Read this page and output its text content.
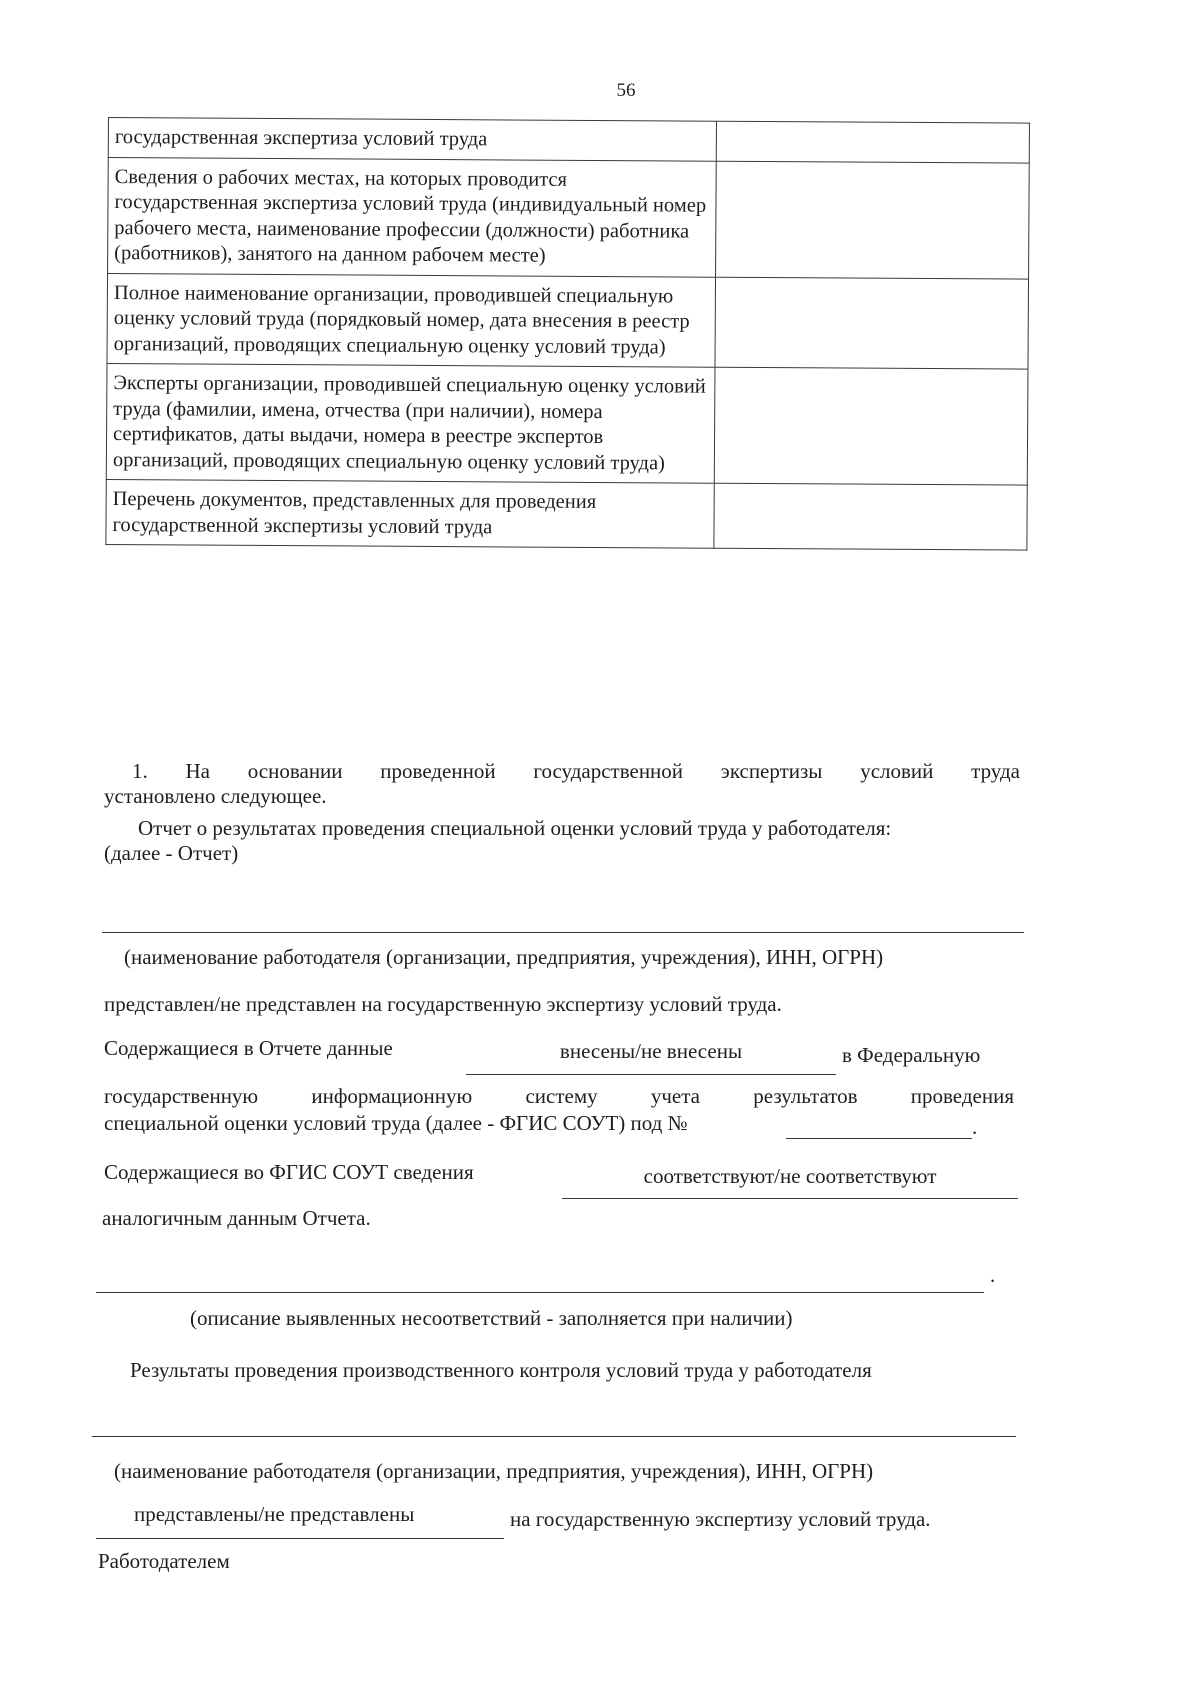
56
государственная экспертиза условий труда	
Сведения о рабочих местах, на которых проводится государственная экспертиза условий труда (индивидуальный номер рабочего места, наименование профессии (должности) работника (работников), занятого на данном рабочем месте)	
Полное наименование организации, проводившей специальную оценку условий труда (порядковый номер, дата внесения в реестр организаций, проводящих специальную оценку условий труда)	
Эксперты организации, проводившей специальную оценку условий труда (фамилии, имена, отчества (при наличии), номера сертификатов, даты выдачи, номера в реестре экспертов организаций, проводящих специальную оценку условий труда)	
Перечень документов, представленных для проведения государственной экспертизы условий труда	
1. На основании проведенной государственной экспертизы условий труда
установлено следующее.
Отчет о результатах проведения специальной оценки условий труда у работодателя:
(далее - Отчет)
(наименование работодателя (организации, предприятия, учреждения), ИНН, ОГРН)
представлен/не представлен на государственную экспертизу условий труда.
Содержащиеся в Отчете данные	внесены/не внесены	в Федеральную
государственную информационную систему учета результатов проведения
специальной оценки условий труда (далее - ФГИС СОУТ) под №	.
Содержащиеся во ФГИС СОУТ сведения	соответствуют/не соответствуют
аналогичным данным Отчета.
.
(описание выявленных несоответствий - заполняется при наличии)
Результаты проведения производственного контроля условий труда у работодателя
(наименование работодателя (организации, предприятия, учреждения), ИНН, ОГРН)
представлены/не представлены	на государственную экспертизу условий труда.
Работодателем
